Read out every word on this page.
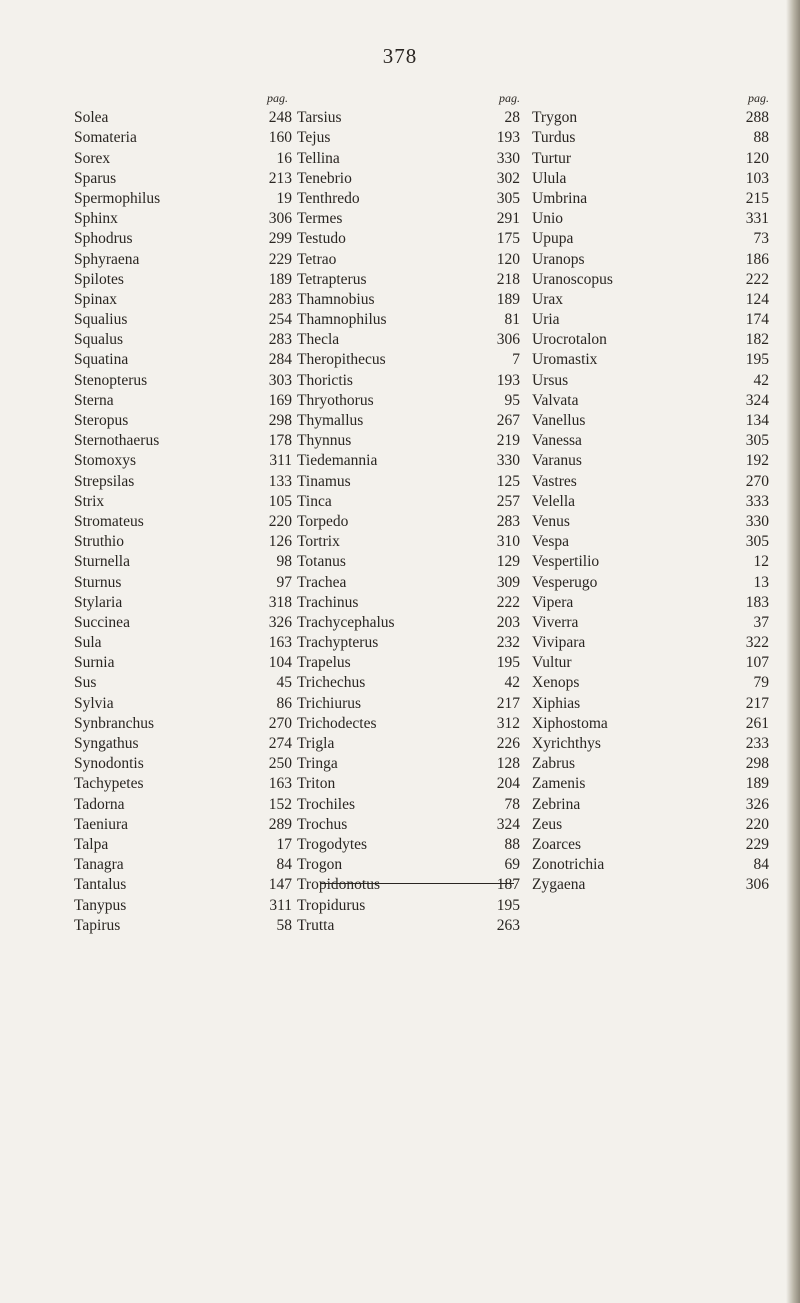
378
pag.
Solea	248
Somateria	160
Sorex	16
Sparus	213
Spermophilus	19
Sphinx	306
Sphodrus	299
Sphyraena	229
Spilotes	189
Spinax	283
Squalius	254
Squalus	283
Squatina	284
Stenopterus	303
Sterna	169
Steropus	298
Sternothaerus	178
Stomoxys	311
Strepsilas	133
Strix	105
Stromateus	220
Struthio	126
Sturnella	98
Sturnus	97
Stylaria	318
Succinea	326
Sula	163
Surnia	104
Sus	45
Sylvia	86
Synbranchus	270
Syngathus	274
Synodontis	250
Tachypetes	163
Tadorna	152
Taeniura	289
Talpa	17
Tanagra	84
Tantalus	147
Tanypus	311
Tapirus	58
pag.
Tarsius	28
Tejus	193
Tellina	330
Tenebrio	302
Tenthredo	305
Termes	291
Testudo	175
Tetrao	120
Tetrapterus	218
Thamnobius	189
Thamnophilus	81
Thecla	306
Theropithecus	7
Thorictis	193
Thryothorus	95
Thymallus	267
Thynnus	219
Tiedemannia	330
Tinamus	125
Tinca	257
Torpedo	283
Tortrix	310
Totanus	129
Trachea	309
Trachinus	222
Trachycephalus	203
Trachypterus	232
Trapelus	195
Trichechus	42
Trichiurus	217
Trichodectes	312
Trigla	226
Tringa	128
Triton	204
Trochiles	78
Trochus	324
Trogodytes	88
Trogon	69
Tropidonotus	187
Tropidurus	195
Trutta	263
pag.
Trygon	288
Turdus	88
Turtur	120
Ulula	103
Umbrina	215
Unio	331
Upupa	73
Uranops	186
Uranoscopus	222
Urax	124
Uria	174
Urocrotalon	182
Uromastix	195
Ursus	42
Valvata	324
Vanellus	134
Vanessa	305
Varanus	192
Vastres	270
Velella	333
Venus	330
Vespa	305
Vespertilio	12
Vesperugo	13
Vipera	183
Viverra	37
Vivipara	322
Vultur	107
Xenops	79
Xiphias	217
Xiphostoma	261
Xyrichthys	233
Zabrus	298
Zamenis	189
Zebrina	326
Zeus	220
Zoarces	229
Zonotrichia	84
Zygaena	306
